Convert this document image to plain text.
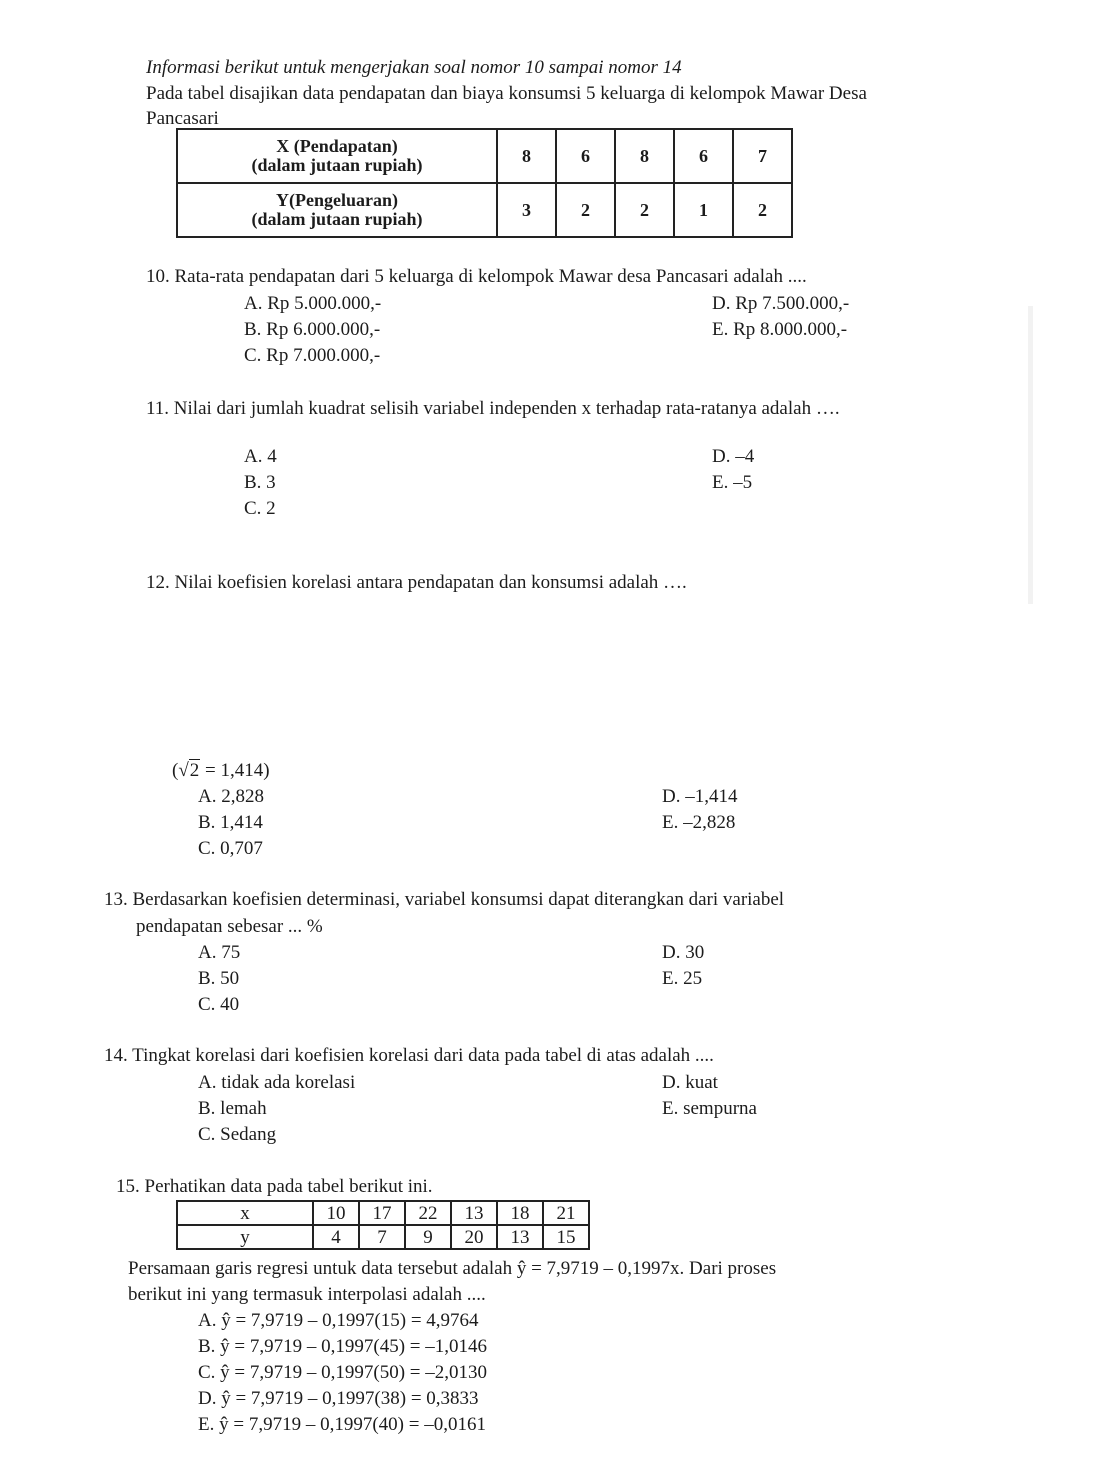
Informasi berikut untuk mengerjakan soal nomor 10 sampai nomor 14
Pada tabel disajikan data pendapatan dan biaya konsumsi 5 keluarga di kelompok Mawar Desa
Pancasari
X (Pendapatan)
(dalam jutaan rupiah)	8	6	8	6	7

Y(Pengeluaran)
(dalam jutaan rupiah)	3	2	2	1	2
10. Rata-rata pendapatan dari 5 keluarga di kelompok Mawar desa Pancasari adalah ....
A. Rp 5.000.000,-
B. Rp 6.000.000,-
C. Rp 7.000.000,-
D. Rp 7.500.000,-
E. Rp 8.000.000,-
11. Nilai dari jumlah kuadrat selisih variabel independen x terhadap rata-ratanya adalah ….
A. 4
B. 3
C. 2
D. –4
E. –5
12. Nilai koefisien korelasi antara pendapatan dan konsumsi adalah ….
(√2 = 1,414)
A. 2,828
B. 1,414
C. 0,707
D. –1,414
E. –2,828
13. Berdasarkan koefisien determinasi, variabel konsumsi dapat diterangkan dari variabel
pendapatan sebesar ... %
A. 75
B. 50
C. 40
D. 30
E. 25
14. Tingkat korelasi dari koefisien korelasi dari data pada tabel di atas adalah ....
A. tidak ada korelasi
B. lemah
C. Sedang
D. kuat
E. sempurna
15. Perhatikan data pada tabel berikut ini.
x	10	17	22	13	18	21
y	4	7	9	20	13	15
Persamaan garis regresi untuk data tersebut adalah ŷ = 7,9719 – 0,1997x. Dari proses
berikut ini yang termasuk interpolasi adalah ....
A. ŷ = 7,9719 – 0,1997(15) = 4,9764
B. ŷ = 7,9719 – 0,1997(45) = –1,0146
C. ŷ = 7,9719 – 0,1997(50) = –2,0130
D. ŷ = 7,9719 – 0,1997(38) = 0,3833
E. ŷ = 7,9719 – 0,1997(40) = –0,0161
